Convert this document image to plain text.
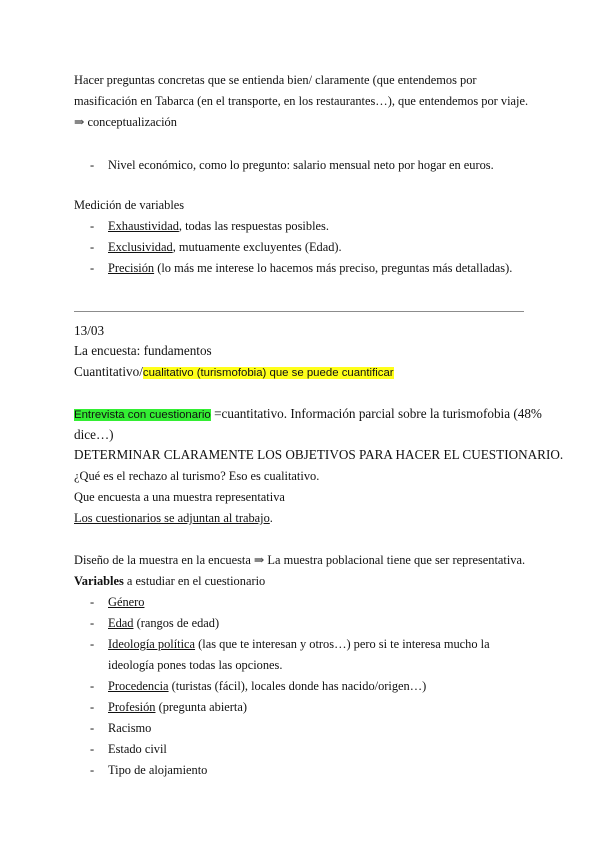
Hacer preguntas concretas que se entienda bien/ claramente (que entendemos por
masificación en Tabarca (en el transporte, en los restaurantes…), que entendemos por viaje.
⇒ conceptualización
- Nivel económico, como lo pregunto: salario mensual neto por hogar en euros.
Medición de variables
- Exhaustividad, todas las respuestas posibles.
- Exclusividad, mutuamente excluyentes (Edad).
- Precisión (lo más me interese lo hacemos más preciso, preguntas más detalladas).
13/03
La encuesta: fundamentos
Cuantitativo/cualitativo (turismofobia) que se puede cuantificar
Entrevista con cuestionario =cuantitativo. Información parcial sobre la turismofobia (48%
dice…)
DETERMINAR CLARAMENTE LOS OBJETIVOS PARA HACER EL CUESTIONARIO.
¿Qué es el rechazo al turismo? Eso es cualitativo.
Que encuesta a una muestra representativa
Los cuestionarios se adjuntan al trabajo.
Diseño de la muestra en la encuesta ⇒ La muestra poblacional tiene que ser representativa.
Variables a estudiar en el cuestionario
- Género
- Edad (rangos de edad)
- Ideología política (las que te interesan y otros…) pero si te interesa mucho la
ideología pones todas las opciones.
- Procedencia (turistas (fácil), locales donde has nacido/origen…)
- Profesión (pregunta abierta)
- Racismo
- Estado civil
- Tipo de alojamiento
